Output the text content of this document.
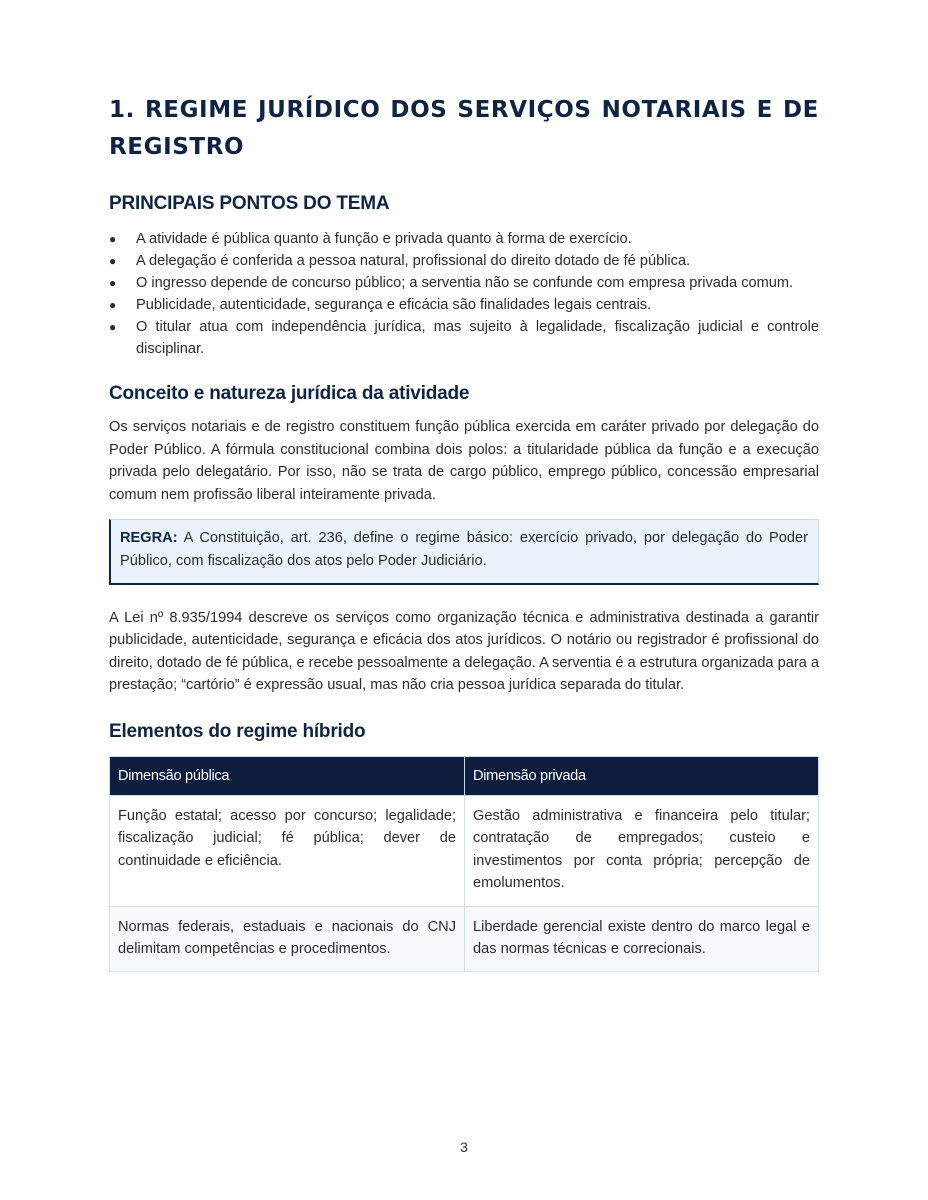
1. REGIME JURÍDICO DOS SERVIÇOS NOTARIAIS E DE REGISTRO
PRINCIPAIS PONTOS DO TEMA
● A atividade é pública quanto à função e privada quanto à forma de exercício.
● A delegação é conferida a pessoa natural, profissional do direito dotado de fé pública.
● O ingresso depende de concurso público; a serventia não se confunde com empresa privada comum.
● Publicidade, autenticidade, segurança e eficácia são finalidades legais centrais.
● O titular atua com independência jurídica, mas sujeito à legalidade, fiscalização judicial e controle disciplinar.
Conceito e natureza jurídica da atividade

Os serviços notariais e de registro constituem função pública exercida em caráter privado por delegação do Poder Público. A fórmula constitucional combina dois polos: a titularidade pública da função e a execução privada pelo delegatário. Por isso, não se trata de cargo público, emprego público, concessão empresarial comum nem profissão liberal inteiramente privada.

REGRA: A Constituição, art. 236, define o regime básico: exercício privado, por delegação do Poder Público, com fiscalização dos atos pelo Poder Judiciário.

A Lei nº 8.935/1994 descreve os serviços como organização técnica e administrativa destinada a garantir publicidade, autenticidade, segurança e eficácia dos atos jurídicos. O notário ou registrador é profissional do direito, dotado de fé pública, e recebe pessoalmente a delegação. A serventia é a estrutura organizada para a prestação; “cartório” é expressão usual, mas não cria pessoa jurídica separada do titular.

Elementos do regime híbrido
Dimensão pública	Dimensão privada
Função estatal; acesso por concurso; legalidade; fiscalização judicial; fé pública; dever de continuidade e eficiência.	Gestão administrativa e financeira pelo titular; contratação de empregados; custeio e investimentos por conta própria; percepção de emolumentos.
Normas federais, estaduais e nacionais do CNJ delimitam competências e procedimentos.	Liberdade gerencial existe dentro do marco legal e das normas técnicas e correcionais.
3
